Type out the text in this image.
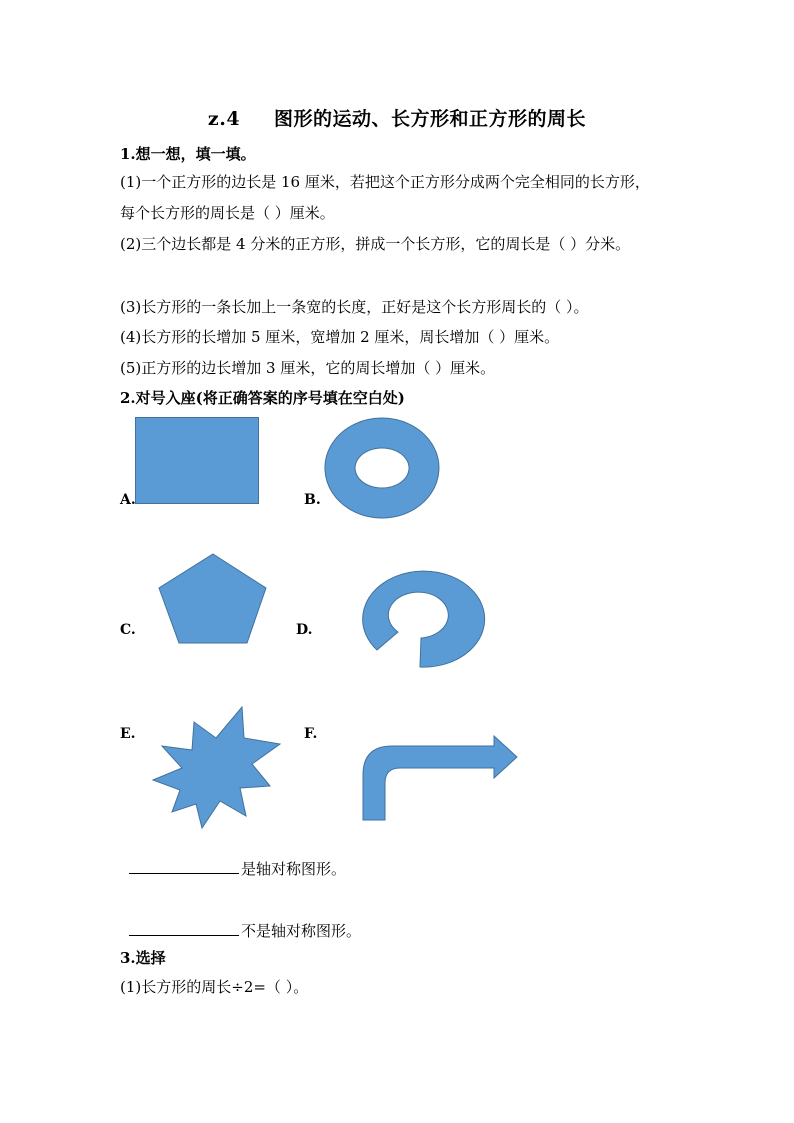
z.4 图形的运动、长方形和正方形的周长
1.想一想，填一填。
(1)一个正方形的边长是 16 厘米，若把这个正方形分成两个完全相同的长方形，
每个长方形的周长是（ ）厘米。
(2)三个边长都是 4 分米的正方形，拼成一个长方形，它的周长是（ ）分米。
(3)长方形的一条长加上一条宽的长度，正好是这个长方形周长的（ ）。
(4)长方形的长增加 5 厘米，宽增加 2 厘米，周长增加（ ）厘米。
(5)正方形的边长增加 3 厘米，它的周长增加（ ）厘米。
2.对号入座(将正确答案的序号填在空白处)
A.	B.
C.	D.
E.	F.
是轴对称图形。
不是轴对称图形。
3.选择
(1)长方形的周长÷2=（ ）。
